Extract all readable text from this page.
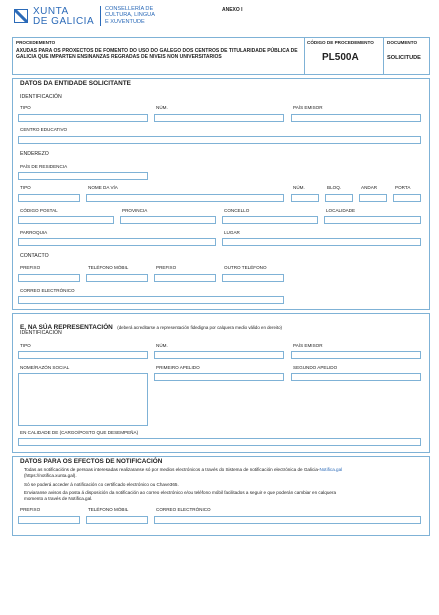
XUNTA
DE GALICIA
CONSELLERÍA DE
CULTURA, LINGUA
E XUVENTUDE
ANEXO I
PROCEDEMENTO
AXUDAS PARA OS PROXECTOS DE FOMENTO DO USO DO GALEGO DOS CENTROS DE TITULARIDADE PÚBLICA DE GALICIA QUE IMPARTEN ENSINANZAS REGRADAS DE NIVEIS NON UNIVERSITARIOS
CÓDIGO DE PROCEDEMENTO
PL500A
DOCUMENTO
SOLICITUDE
DATOS DA ENTIDADE SOLICITANTE
IDENTIFICACIÓN
TIPO	NÚM.	PAÍS EMISOR
CENTRO EDUCATIVO
ENDEREZO
PAÍS DE RESIDENCIA
TIPO	NOME DA VÍA	NÚM.	BLOQ.	ANDAR	PORTA
CÓDIGO POSTAL	PROVINCIA	CONCELLO	LOCALIDADE
PARROQUIA	LUGAR
CONTACTO
PREFIXO	TELÉFONO MÓBIL	PREFIXO	OUTRO TELÉFONO
CORREO ELECTRÓNICO
E, NA SÚA REPRESENTACIÓN (deberá acreditarse a representación fidedigna por calquera medio válido en dereito)
IDENTIFICACIÓN
TIPO	NÚM.	PAÍS EMISOR
NOME/RAZÓN SOCIAL	PRIMEIRO APELIDO	SEGUNDO APELIDO
EN CALIDADE DE (CARGO/POSTO QUE DESEMPEÑA)
DATOS PARA OS EFECTOS DE NOTIFICACIÓN
Todas as notificacións de persoas interesadas realizaranse só por medios electrónicos a través do Sistema de notificación electrónica de Galicia-Notifica.gal
(https://notifica.xunta.gal).
Só se poderá acceder á notificación co certificado electrónico ou Chave365.
Enviaranse avisos da posta á disposición da notificación ao correo electrónico e/ou teléfono móbil facilitados a seguir e que poderán cambiar en calquera
momento a través de Notifica.gal.
PREFIXO	TELÉFONO MÓBIL	CORREO ELECTRÓNICO
